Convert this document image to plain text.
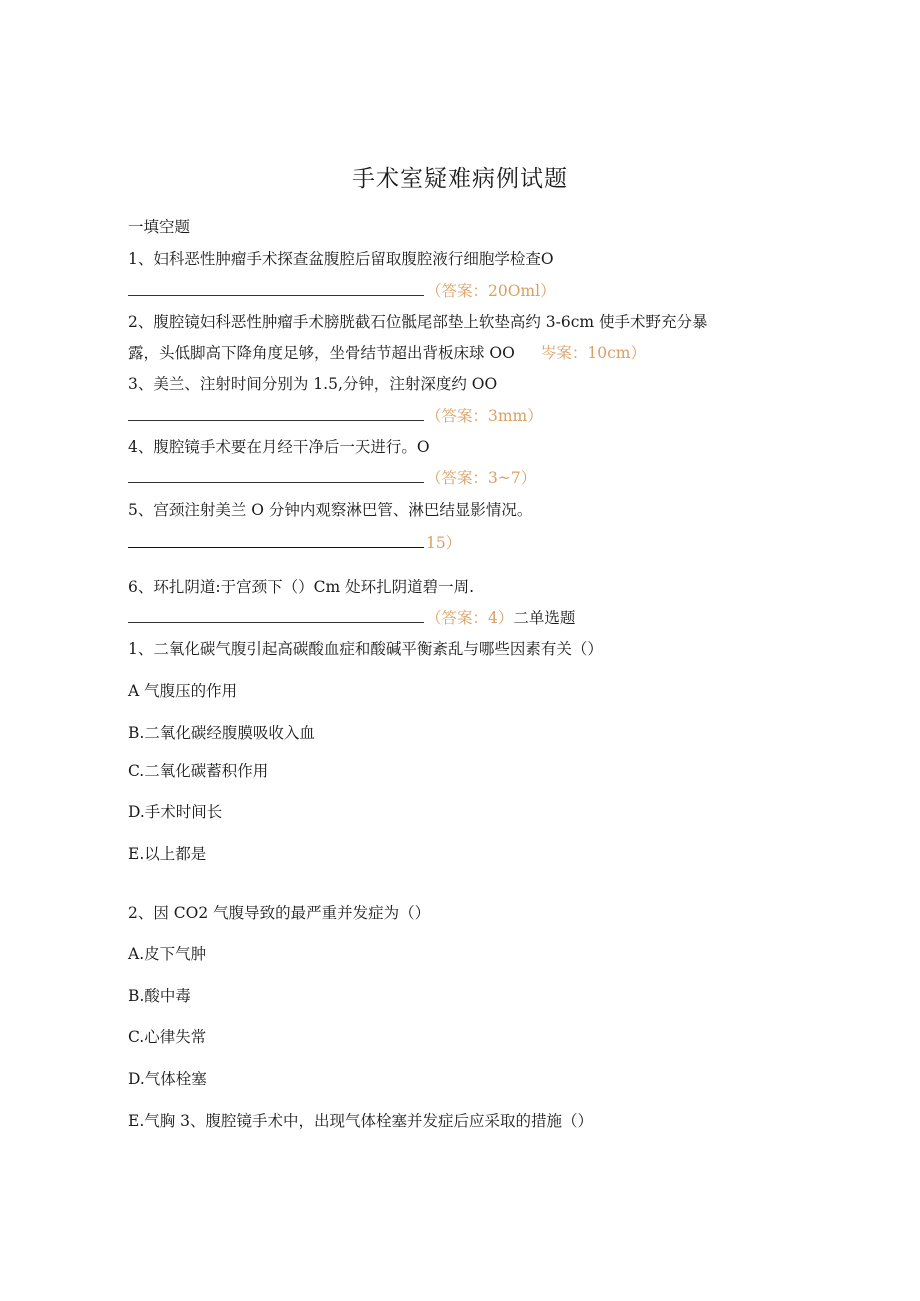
手术室疑难病例试题
一填空题
1、妇科恶性肿瘤手术探查盆腹腔后留取腹腔液行细胞学检查O
（答案：20Oml）
2、腹腔镜妇科恶性肿瘤手术膀胱截石位骶尾部垫上软垫高约 3-6cm 使手术野充分暴
露，头低脚高下降角度足够，坐骨结节超出背板床球 OO 岑案：10cm）
3、美兰、注射时间分别为 1.5,分钟，注射深度约 OO
（答案：3mm）
4、腹腔镜手术要在月经干净后一天进行。O
（答案：3~7）
5、宫颈注射美兰 O 分钟内观察淋巴管、淋巴结显影情况。
15）
6、环扎阴道:于宫颈下（）Cm 处环扎阴道碧一周.
（答案：4）二单选题
1、二氧化碳气腹引起高碳酸血症和酸碱平衡紊乱与哪些因素有关（）
A 气腹压的作用
B.二氧化碳经腹膜吸收入血
C.二氧化碳蓄积作用
D.手术时间长
E.以上都是
2、因 CO2 气腹导致的最严重并发症为（）
A.皮下气肿
B.酸中毒
C.心律失常
D.气体栓塞
E.气胸 3、腹腔镜手术中，出现气体栓塞并发症后应采取的措施（）
